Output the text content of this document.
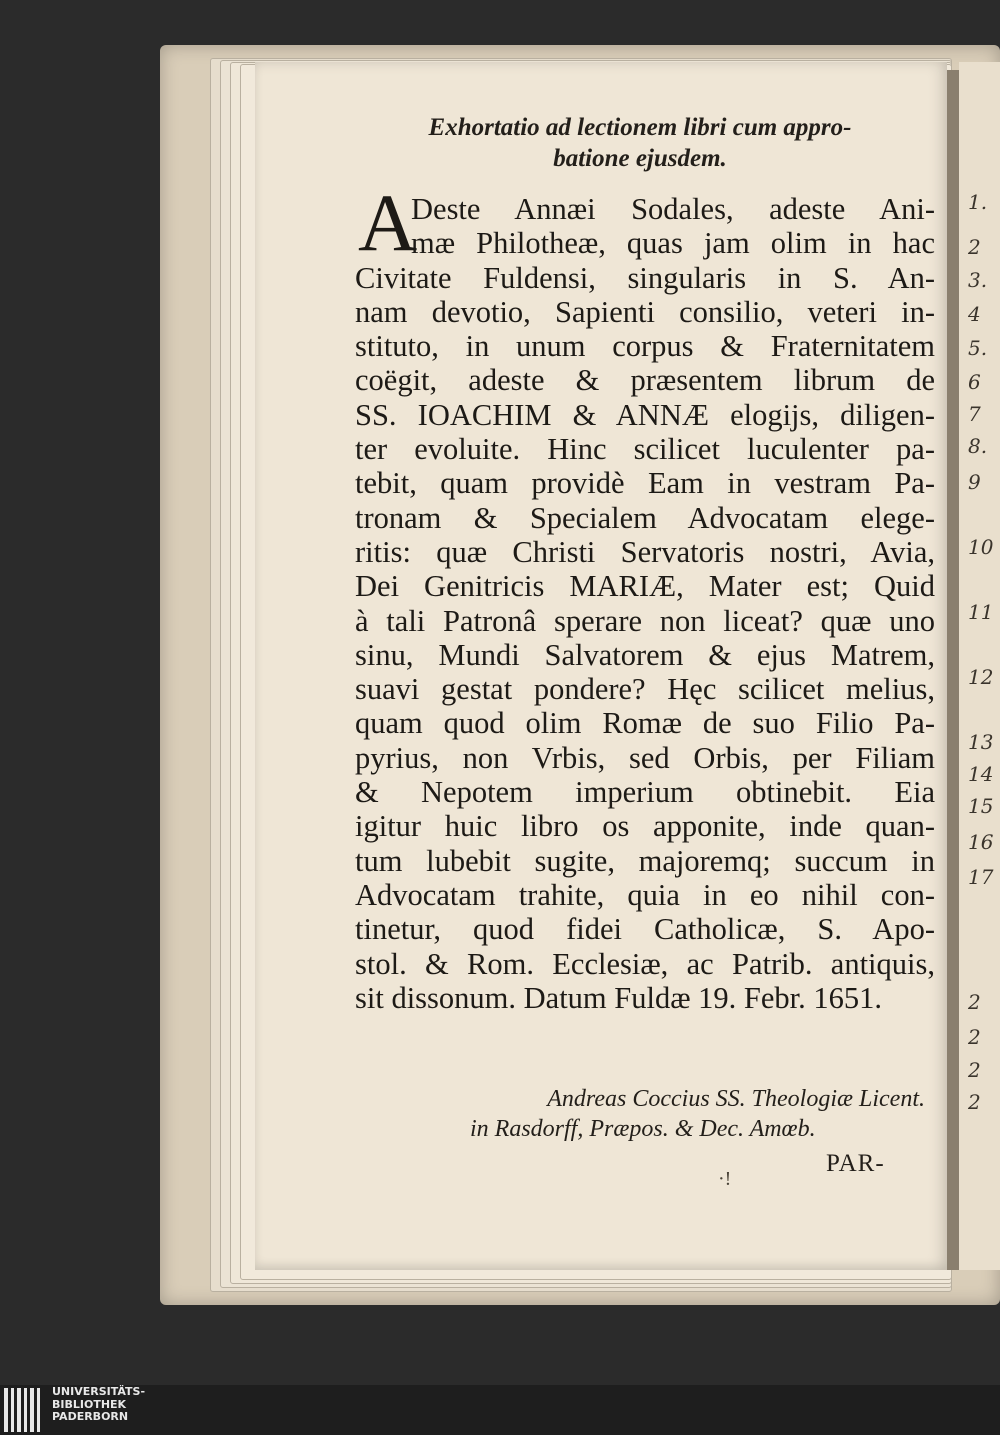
1.
2
3.
4
5.
6
7
8.
9
10
11
12
13
14
15
16
17
2
2
2
2
Exhortatio ad lectionem libri cum appro-
batione ejusdem.
A
Deste Annæi Sodales, adeste Ani-
mæ Philotheæ, quas jam olim in hac
Civitate Fuldensi, singularis in S. An-
nam devotio, Sapienti consilio, veteri in-
stituto, in unum corpus & Fraternitatem
coëgit, adeste & præsentem librum de
SS. IOACHIM & ANNÆ elogijs, diligen-
ter evoluite. Hinc scilicet luculenter pa-
tebit, quam providè Eam in vestram Pa-
tronam & Specialem Advocatam elege-
ritis: quæ Christi Servatoris nostri, Avia,
Dei Genitricis MARIÆ, Mater est; Quid
à tali Patronâ sperare non liceat? quæ uno
sinu, Mundi Salvatorem & ejus Matrem,
suavi gestat pondere? Hęc scilicet melius,
quam quod olim Romæ de suo Filio Pa-
pyrius, non Vrbis, sed Orbis, per Filiam
& Nepotem imperium obtinebit. Eia
igitur huic libro os apponite, inde quan-
tum lubebit sugite, majoremq; succum in
Advocatam trahite, quia in eo nihil con-
tinetur, quod fidei Catholicæ, S. Apo-
stol. & Rom. Ecclesiæ, ac Patrib. antiquis,
sit dissonum. Datum Fuldæ 19. Febr. 1651.
Andreas Coccius SS. Theologiæ Licent.
in Rasdorff, Præpos. & Dec. Amœb.
·!
PAR-
UNIVERSITÄTS-
BIBLIOTHEK
PADERBORN
